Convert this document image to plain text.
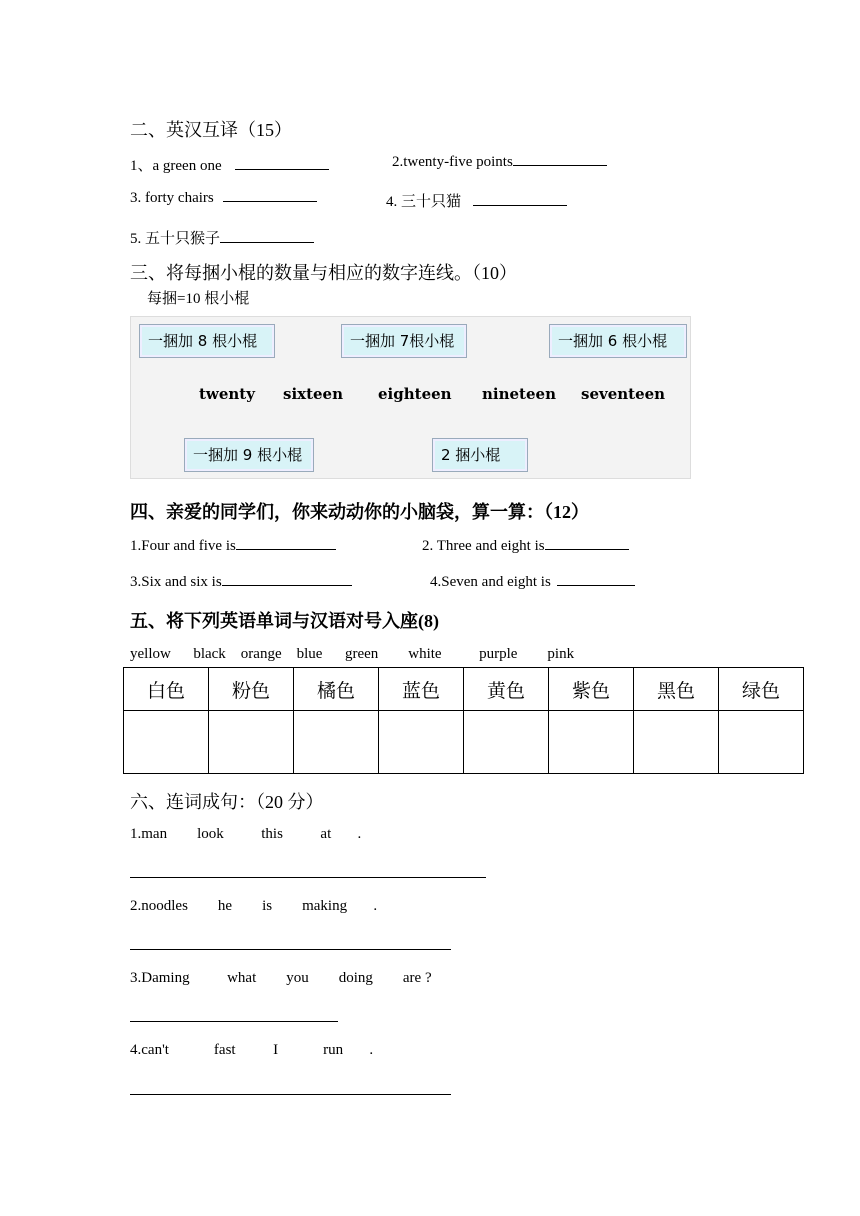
二、英汉互译（15）
1、a green one	2.twenty-five points
3. forty chairs	4. 三十只猫
5. 五十只猴子
三、将每捆小棍的数量与相应的数字连线。（10）
每捆=10 根小棍
一捆加 8 根小棍	一捆加 7根小棍	一捆加 6 根小棍
twenty sixteen eighteen nineteen seventeen
一捆加 9 根小棍	2 捆小棍
四、亲爱的同学们，你来动动你的小脑袋，算一算：（12）
1.Four and five is	2. Three and eight is
3.Six and six is	4.Seven and eight is
五、将下列英语单词与汉语对号入座(8)
yellow      black    orange    blue      green        white          purple        pink
白色	粉色	橘色	蓝色	黄色	紫色	黑色	绿色

六、连词成句：（20 分）
1.man        look          this          at       .
2.noodles        he        is        making       .
3.Daming          what        you        doing        are ?
4.can't            fast          I            run       .
